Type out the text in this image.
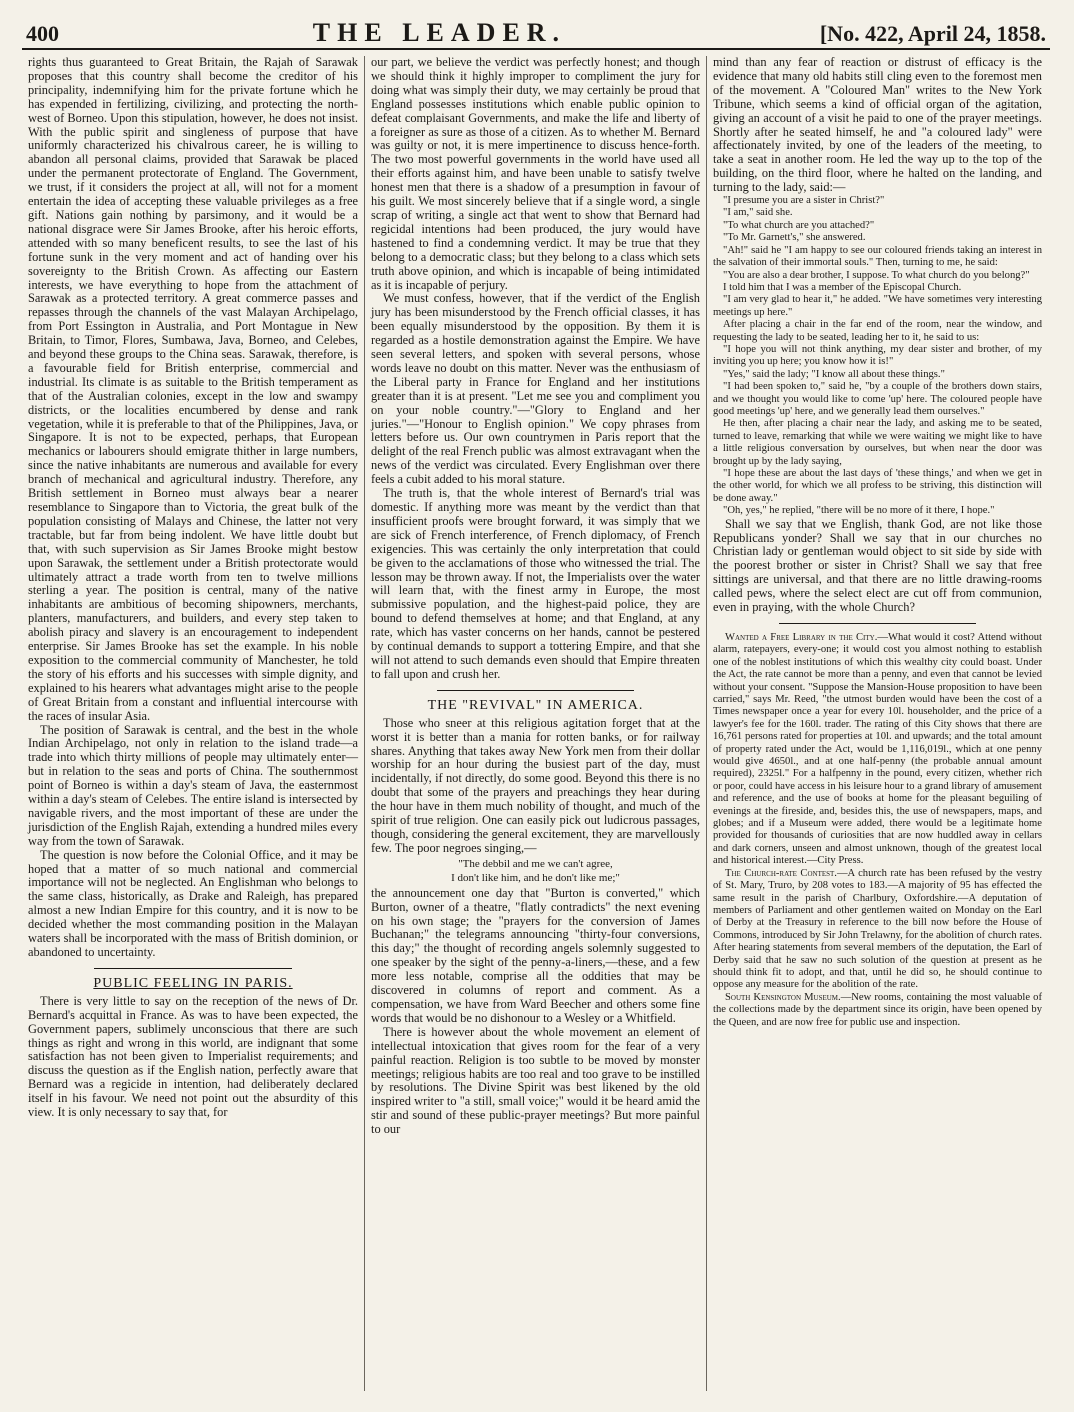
400	THE LEADER.	[No. 422, April 24, 1858.

rights thus guaranteed to Great Britain, the Rajah of Sarawak proposes that this country shall become the creditor of his principality, indemnifying him for the private fortune which he has expended in fertilizing, civilizing, and protecting the north-west of Borneo. Upon this stipulation, however, he does not insist. With the public spirit and singleness of purpose that have uniformly characterized his chivalrous career, he is willing to abandon all personal claims, provided that Sarawak be placed under the permanent protectorate of England. The Government, we trust, if it considers the project at all, will not for a moment entertain the idea of accepting these valuable privileges as a free gift. Nations gain nothing by parsimony, and it would be a national disgrace were Sir James Brooke, after his heroic efforts, attended with so many beneficent results, to see the last of his fortune sunk in the very moment and act of handing over his sovereignty to the British Crown. As affecting our Eastern interests, we have everything to hope from the attachment of Sarawak as a protected territory. A great commerce passes and repasses through the channels of the vast Malayan Archipelago, from Port Essington in Australia, and Port Montague in New Britain, to Timor, Flores, Sumbawa, Java, Borneo, and Celebes, and beyond these groups to the China seas. Sarawak, therefore, is a favourable field for British enterprise, commercial and industrial. Its climate is as suitable to the British temperament as that of the Australian colonies, except in the low and swampy districts, or the localities encumbered by dense and rank vegetation, while it is preferable to that of the Philippines, Java, or Singapore. It is not to be expected, perhaps, that European mechanics or labourers should emigrate thither in large numbers, since the native inhabitants are numerous and available for every branch of mechanical and agricultural industry. Therefore, any British settlement in Borneo must always bear a nearer resemblance to Singapore than to Victoria, the great bulk of the population consisting of Malays and Chinese, the latter not very tractable, but far from being indolent. We have little doubt but that, with such supervision as Sir James Brooke might bestow upon Sarawak, the settlement under a British protectorate would ultimately attract a trade worth from ten to twelve millions sterling a year. The position is central, many of the native inhabitants are ambitious of becoming shipowners, merchants, planters, manufacturers, and builders, and every step taken to abolish piracy and slavery is an encouragement to independent enterprise. Sir James Brooke has set the example. In his noble exposition to the commercial community of Manchester, he told the story of his efforts and his successes with simple dignity, and explained to his hearers what advantages might arise to the people of Great Britain from a constant and influential intercourse with the races of insular Asia.

The position of Sarawak is central, and the best in the whole Indian Archipelago, not only in relation to the island trade—a trade into which thirty millions of people may ultimately enter—but in relation to the seas and ports of China. The southernmost point of Borneo is within a day's steam of Java, the easternmost within a day's steam of Celebes. The entire island is intersected by navigable rivers, and the most important of these are under the jurisdiction of the English Rajah, extending a hundred miles every way from the town of Sarawak.

The question is now before the Colonial Office, and it may be hoped that a matter of so much national and commercial importance will not be neglected. An Englishman who belongs to the same class, historically, as Drake and Raleigh, has prepared almost a new Indian Empire for this country, and it is now to be decided whether the most commanding position in the Malayan waters shall be incorporated with the mass of British dominion, or abandoned to uncertainty.

PUBLIC FEELING IN PARIS.

There is very little to say on the reception of the news of Dr. Bernard's acquittal in France. As was to have been expected, the Government papers, sublimely unconscious that there are such things as right and wrong in this world, are indignant that some satisfaction has not been given to Imperialist requirements; and discuss the question as if the English nation, perfectly aware that Bernard was a regicide in intention, had deliberately declared itself in his favour. We need not point out the absurdity of this view. It is only necessary to say that, for

our part, we believe the verdict was perfectly honest; and though we should think it highly improper to compliment the jury for doing what was simply their duty, we may certainly be proud that England possesses institutions which enable public opinion to defeat complaisant Governments, and make the life and liberty of a foreigner as sure as those of a citizen. As to whether M. Bernard was guilty or not, it is mere impertinence to discuss hence-forth. The two most powerful governments in the world have used all their efforts against him, and have been unable to satisfy twelve honest men that there is a shadow of a presumption in favour of his guilt. We most sincerely believe that if a single word, a single scrap of writing, a single act that went to show that Bernard had regicidal intentions had been produced, the jury would have hastened to find a condemning verdict. It may be true that they belong to a democratic class; but they belong to a class which sets truth above opinion, and which is incapable of being intimidated as it is incapable of perjury.

We must confess, however, that if the verdict of the English jury has been misunderstood by the French official classes, it has been equally misunderstood by the opposition. By them it is regarded as a hostile demonstration against the Empire. We have seen several letters, and spoken with several persons, whose words leave no doubt on this matter. Never was the enthusiasm of the Liberal party in France for England and her institutions greater than it is at present. "Let me see you and compliment you on your noble country."—"Glory to England and her juries."—"Honour to English opinion." We copy phrases from letters before us. Our own countrymen in Paris report that the delight of the real French public was almost extravagant when the news of the verdict was circulated. Every Englishman over there feels a cubit added to his moral stature.

The truth is, that the whole interest of Bernard's trial was domestic. If anything more was meant by the verdict than that insufficient proofs were brought forward, it was simply that we are sick of French interference, of French diplomacy, of French exigencies. This was certainly the only interpretation that could be given to the acclamations of those who witnessed the trial. The lesson may be thrown away. If not, the Imperialists over the water will learn that, with the finest army in Europe, the most submissive population, and the highest-paid police, they are bound to defend themselves at home; and that England, at any rate, which has vaster concerns on her hands, cannot be pestered by continual demands to support a tottering Empire, and that she will not attend to such demands even should that Empire threaten to fall upon and crush her.

THE "REVIVAL" IN AMERICA.

Those who sneer at this religious agitation forget that at the worst it is better than a mania for rotten banks, or for railway shares. Anything that takes away New York men from their dollar worship for an hour during the busiest part of the day, must incidentally, if not directly, do some good. Beyond this there is no doubt that some of the prayers and preachings they hear during the hour have in them much nobility of thought, and much of the spirit of true religion. One can easily pick out ludicrous passages, though, considering the general excitement, they are marvellously few. The poor negroes singing,—

"The debbil and me we can't agree,
I don't like him, and he don't like me;"

the announcement one day that "Burton is converted," which Burton, owner of a theatre, "flatly contradicts" the next evening on his own stage; the "prayers for the conversion of James Buchanan;" the telegrams announcing "thirty-four conversions, this day;" the thought of recording angels solemnly suggested to one speaker by the sight of the penny-a-liners,—these, and a few more less notable, comprise all the oddities that may be discovered in columns of report and comment. As a compensation, we have from Ward Beecher and others some fine words that would be no dishonour to a Wesley or a Whitfield.

There is however about the whole movement an element of intellectual intoxication that gives room for the fear of a very painful reaction. Religion is too subtle to be moved by monster meetings; religious habits are too real and too grave to be instilled by resolutions. The Divine Spirit was best likened by the old inspired writer to "a still, small voice;" would it be heard amid the stir and sound of these public-prayer meetings? But more painful to our

mind than any fear of reaction or distrust of efficacy is the evidence that many old habits still cling even to the foremost men of the movement. A "Coloured Man" writes to the New York Tribune, which seems a kind of official organ of the agitation, giving an account of a visit he paid to one of the prayer meetings. Shortly after he seated himself, he and "a coloured lady" were affectionately invited, by one of the leaders of the meeting, to take a seat in another room. He led the way up to the top of the building, on the third floor, where he halted on the landing, and turning to the lady, said:—

"I presume you are a sister in Christ?"

"I am," said she.

"To what church are you attached?"

"To Mr. Garnett's," she answered.

"Ah!" said he "I am happy to see our coloured friends taking an interest in the salvation of their immortal souls." Then, turning to me, he said:

"You are also a dear brother, I suppose. To what church do you belong?"

I told him that I was a member of the Episcopal Church.

"I am very glad to hear it," he added. "We have sometimes very interesting meetings up here."

After placing a chair in the far end of the room, near the window, and requesting the lady to be seated, leading her to it, he said to us:

"I hope you will not think anything, my dear sister and brother, of my inviting you up here; you know how it is!"

"Yes," said the lady; "I know all about these things."

"I had been spoken to," said he, "by a couple of the brothers down stairs, and we thought you would like to come 'up' here. The coloured people have good meetings 'up' here, and we generally lead them ourselves."

He then, after placing a chair near the lady, and asking me to be seated, turned to leave, remarking that while we were waiting we might like to have a little religious conversation by ourselves, but when near the door was brought up by the lady saying,

"I hope these are about the last days of 'these things,' and when we get in the other world, for which we all profess to be striving, this distinction will be done away."

"Oh, yes," he replied, "there will be no more of it there, I hope."

Shall we say that we English, thank God, are not like those Republicans yonder? Shall we say that in our churches no Christian lady or gentleman would object to sit side by side with the poorest brother or sister in Christ? Shall we say that free sittings are universal, and that there are no little drawing-rooms called pews, where the select elect are cut off from communion, even in praying, with the whole Church?

Wanted a Free Library in the City.—What would it cost? Attend without alarm, ratepayers, every-one; it would cost you almost nothing to establish one of the noblest institutions of which this wealthy city could boast. Under the Act, the rate cannot be more than a penny, and even that cannot be levied without your consent. "Suppose the Mansion-House proposition to have been carried," says Mr. Reed, "the utmost burden would have been the cost of a Times newspaper once a year for every 10l. householder, and the price of a lawyer's fee for the 160l. trader. The rating of this City shows that there are 16,761 persons rated for properties at 10l. and upwards; and the total amount of property rated under the Act, would be 1,116,019l., which at one penny would give 4650l., and at one half-penny (the probable annual amount required), 2325l." For a halfpenny in the pound, every citizen, whether rich or poor, could have access in his leisure hour to a grand library of amusement and reference, and the use of books at home for the pleasant beguiling of evenings at the fireside, and, besides this, the use of newspapers, maps, and globes; and if a Museum were added, there would be a legitimate home provided for thousands of curiosities that are now huddled away in cellars and dark corners, unseen and almost unknown, though of the greatest local and historical interest.—City Press.

The Church-rate Contest.—A church rate has been refused by the vestry of St. Mary, Truro, by 208 votes to 183.—A majority of 95 has effected the same result in the parish of Charlbury, Oxfordshire.—A deputation of members of Parliament and other gentlemen waited on Monday on the Earl of Derby at the Treasury in reference to the bill now before the House of Commons, introduced by Sir John Trelawny, for the abolition of church rates. After hearing statements from several members of the deputation, the Earl of Derby said that he saw no such solution of the question at present as he should think fit to adopt, and that, until he did so, he should continue to oppose any measure for the abolition of the rate.

South Kensington Museum.—New rooms, containing the most valuable of the collections made by the department since its origin, have been opened by the Queen, and are now free for public use and inspection.
